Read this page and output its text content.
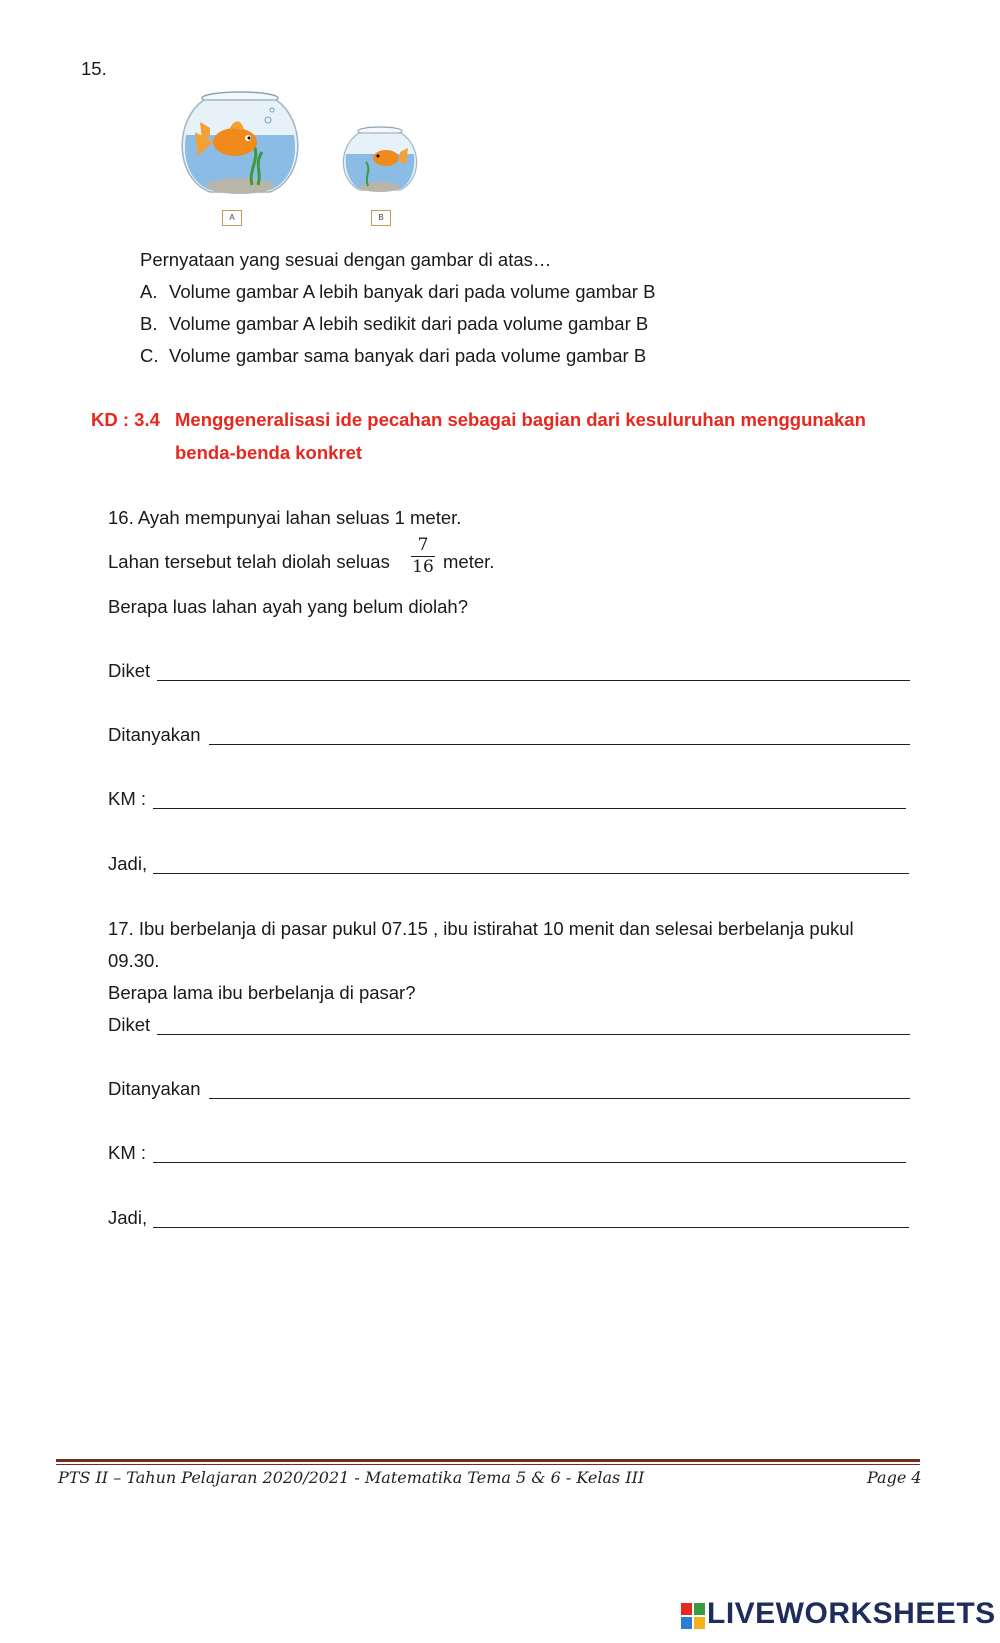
15.
A	B
Pernyataan yang sesuai dengan gambar di atas…
A. Volume gambar A lebih banyak dari pada volume gambar B
B. Volume gambar A lebih sedikit dari pada volume gambar B
C. Volume gambar sama banyak dari pada volume gambar B
KD : 3.4 Menggeneralisasi ide pecahan sebagai bagian dari kesuluruhan menggunakan
benda-benda konkret
16. Ayah mempunyai lahan seluas 1 meter.
Lahan tersebut telah diolah seluas
7
16 meter.
Berapa luas lahan ayah yang belum diolah?
Diket
Ditanyakan
KM :
Jadi,
17. Ibu berbelanja di pasar pukul 07.15 , ibu istirahat 10 menit dan selesai berbelanja pukul
09.30.
Berapa lama ibu berbelanja di pasar?
Diket
Ditanyakan
KM :
Jadi,
PTS II – Tahun Pelajaran 2020/2021 - Matematika Tema 5 & 6 - Kelas III	Page 4
LIVEWORKSHEETS
